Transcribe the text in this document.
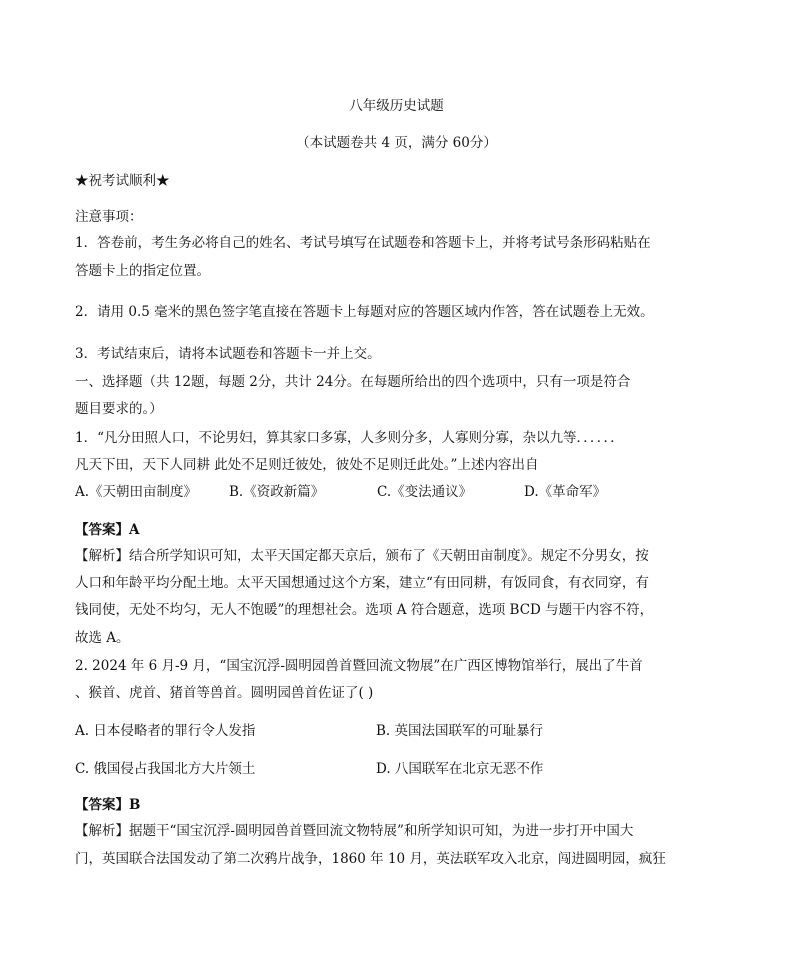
八年级历史试题
（本试题卷共 4 页，满分 60分）
★祝考试顺利★
注意事项：
1．答卷前，考生务必将自己的姓名、考试号填写在试题卷和答题卡上，并将考试号条形码粘贴在
答题卡上的指定位置。
2．请用 0.5 毫米的黑色签字笔直接在答题卡上每题对应的答题区域内作答，答在试题卷上无效。
3．考试结束后，请将本试题卷和答题卡一并上交。
一、选择题（共 12题，每题 2分，共计 24分。在每题所给出的四个选项中，只有一项是符合
题目要求的。）
1．“凡分田照人口，不论男妇，算其家口多寡，人多则分多，人寡则分寡，杂以九等．．．．．．
凡天下田，天下人同耕 此处不足则迁彼处，彼处不足则迁此处。”上述内容出自
A.《天朝田亩制度》 B.《资政新篇》	C.《变法通议》	D.《革命军》
【答案】A
【解析】结合所学知识可知，太平天国定都天京后，颁布了《天朝田亩制度》。规定不分男女，按
人口和年龄平均分配土地。太平天国想通过这个方案，建立“有田同耕，有饭同食，有衣同穿，有
钱同使，无处不均匀，无人不饱暖”的理想社会。选项 A 符合题意，选项 BCD 与题干内容不符，
故选 A。
2. 2024 年 6 月-9 月，“国宝沉浮-圆明园兽首暨回流文物展”在广西区博物馆举行，展出了牛首
、猴首、虎首、猪首等兽首。圆明园兽首佐证了( )
A. 日本侵略者的罪行令人发指	B. 英国法国联军的可耻暴行
C. 俄国侵占我国北方大片领土	D. 八国联军在北京无恶不作
【答案】B
【解析】据题干“国宝沉浮-圆明园兽首暨回流文物特展”和所学知识可知，为进一步打开中国大
门，英国联合法国发动了第二次鸦片战争，1860 年 10 月，英法联军攻入北京，闯进圆明园，疯狂
